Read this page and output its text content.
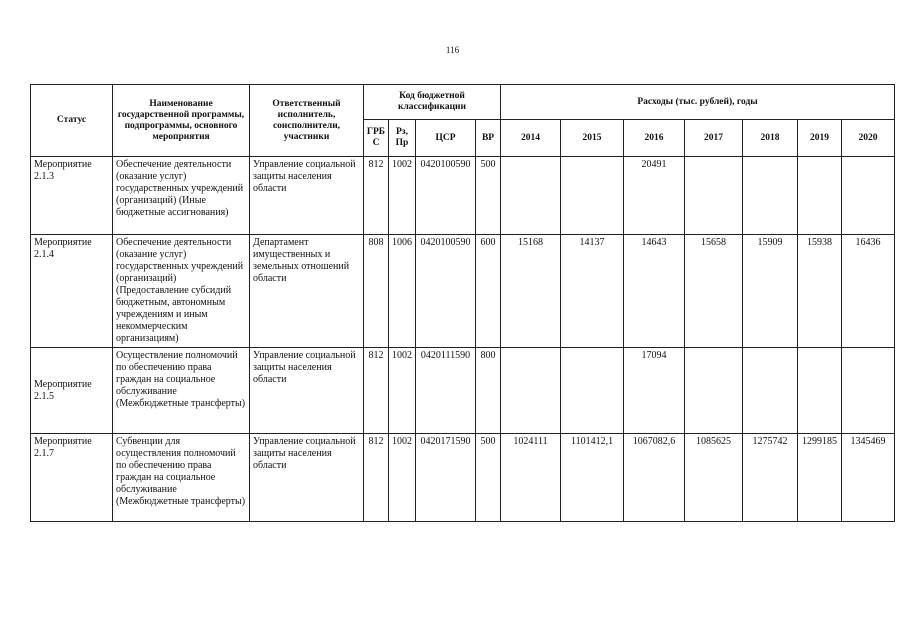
116
Статус	Наименование государственной программы, подпрограммы, основного мероприятия	Ответственный исполнитель, соисполнители, участники	Код бюджетной классификации				Расходы (тыс. рублей), годы						
			ГРБ С	Рз, Пр	ЦСР	ВР	2014	2015	2016	2017	2018	2019	2020
Мероприятие 2.1.3	Обеспечение деятельности (оказание услуг) государственных учреждений (организаций) (Иные бюджетные ассигнования)	Управление социальной защиты населения области	812	1002	0420100590	500			20491				
Мероприятие 2.1.4	Обеспечение деятельности (оказание услуг) государственных учреждений (организаций) (Предоставление субсидий бюджетным, автономным учреждениям и иным некоммерческим организациям)	Департамент имущественных и земельных отношений области	808	1006	0420100590	600	15168	14137	14643	15658	15909	15938	16436
Мероприятие 2.1.5	Осуществление полномочий по обеспечению права граждан на социальное обслуживание (Межбюджетные трансферты)	Управление социальной защиты населения области	812	1002	0420111590	800			17094				
Мероприятие 2.1.7	Субвенции для осуществления полномочий по обеспечению права граждан на социальное обслуживание (Межбюджетные трансферты)	Управление социальной защиты населения области	812	1002	0420171590	500	1024111	1101412,1	1067082,6	1085625	1275742	1299185	1345469
